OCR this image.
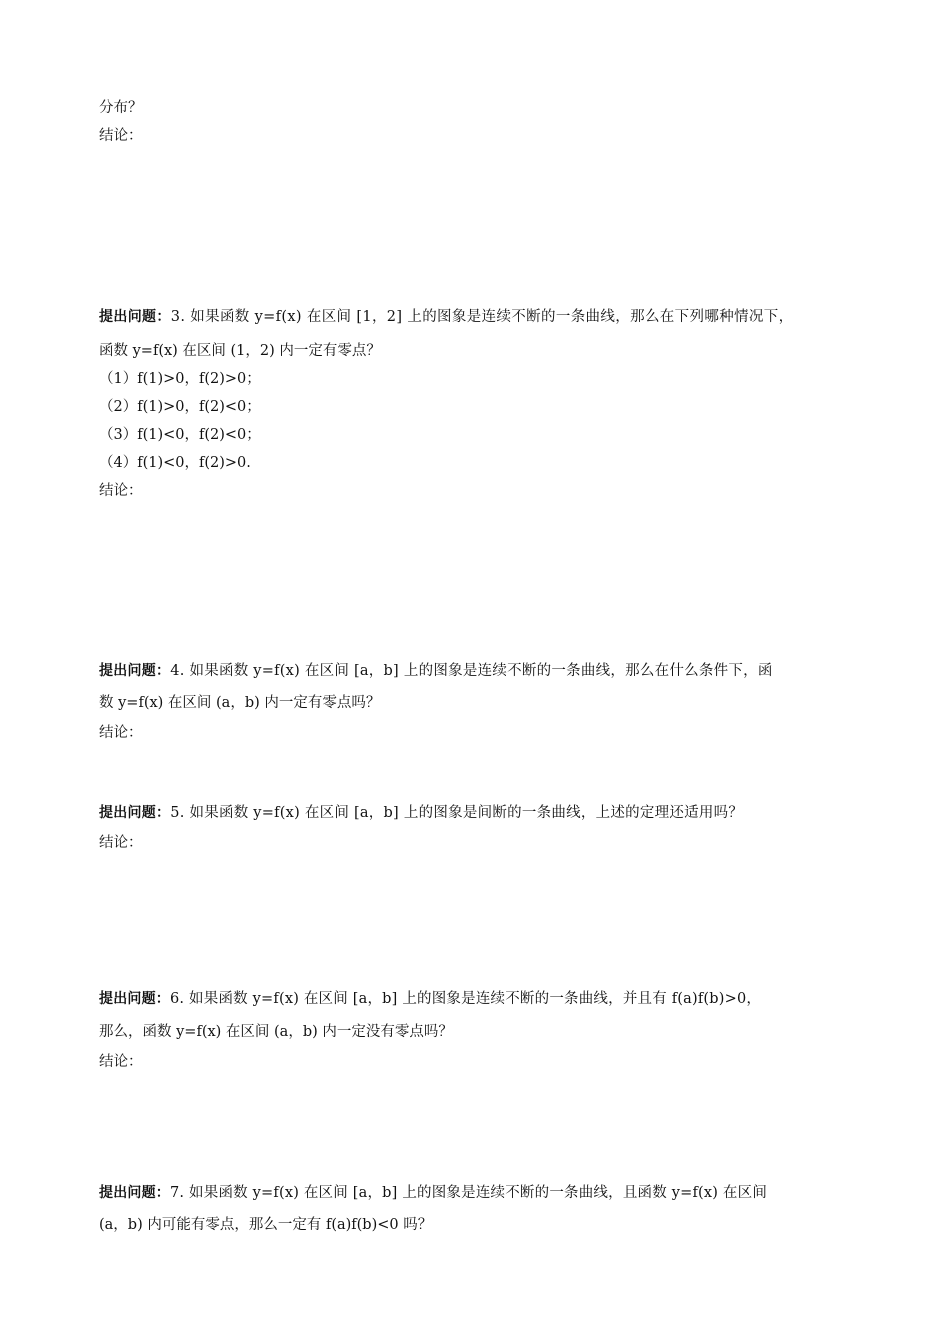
分布？
结论：
提出问题：3. 如果函数 y=f(x) 在区间 [1，2] 上的图象是连续不断的一条曲线，那么在下列哪种情况下，
函数 y=f(x) 在区间 (1，2) 内一定有零点？
（1）f(1)>0，f(2)>0；
（2）f(1)>0，f(2)<0；
（3）f(1)<0，f(2)<0；
（4）f(1)<0，f(2)>0.
结论：
提出问题：4. 如果函数 y=f(x) 在区间 [a，b] 上的图象是连续不断的一条曲线，那么在什么条件下，函
数 y=f(x) 在区间 (a，b) 内一定有零点吗？
结论：
提出问题：5. 如果函数 y=f(x) 在区间 [a，b] 上的图象是间断的一条曲线，上述的定理还适用吗？
结论：
提出问题：6. 如果函数 y=f(x) 在区间 [a，b] 上的图象是连续不断的一条曲线，并且有 f(a)f(b)>0，
那么，函数 y=f(x) 在区间 (a，b) 内一定没有零点吗？
结论：
提出问题：7. 如果函数 y=f(x) 在区间 [a，b] 上的图象是连续不断的一条曲线，且函数 y=f(x) 在区间
(a，b) 内可能有零点，那么一定有 f(a)f(b)<0 吗？
